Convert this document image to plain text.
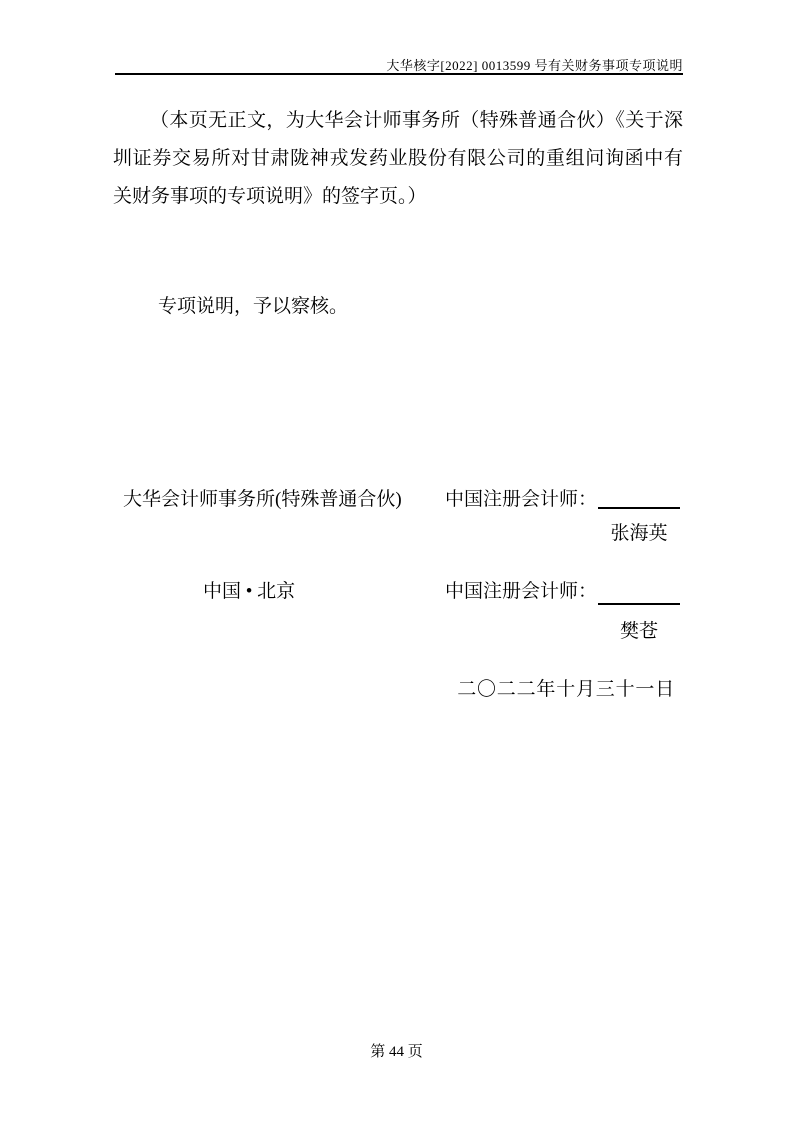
大华核字[2022] 0013599 号有关财务事项专项说明
（本页无正文，为大华会计师事务所（特殊普通合伙）《关于深
圳证券交易所对甘肃陇神戎发药业股份有限公司的重组问询函中有
关财务事项的专项说明》的签字页。）
专项说明，予以察核。
大华会计师事务所(特殊普通合伙) 中国注册会计师：
张海英
中国 • 北京	中国注册会计师：
樊苍
二〇二二年十月三十一日
第 44 页
